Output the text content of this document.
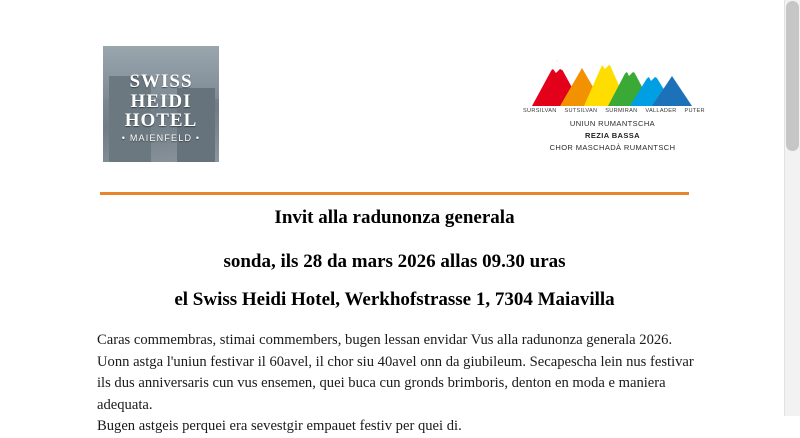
SWISS
HEIDI
HOTEL
• MAIENFELD •
SURSILVAN SUTSILVAN SURMIRAN VALLADER PUTER
UNIUN RUMANTSCHA
REZIA BASSA
CHOR MASCHADÀ RUMANTSCH
Invit alla radunonza generala
sonda, ils 28 da mars 2026 allas 09.30 uras
el Swiss Heidi Hotel, Werkhofstrasse 1, 7304 Maiavilla

Caras commembras, stimai commembers, bugen lessan envidar Vus alla radunonza generala 2026.

Uonn astga l'uniun festivar il 60avel, il chor siu 40avel onn da giubileum. Secapescha lein nus festivar ils dus anniversaris cun vus ensemen, quei buca cun gronds brimboris, denton en moda e maniera adequata.

Bugen astgeis perquei era sevestgir empauet festiv per quei di.
